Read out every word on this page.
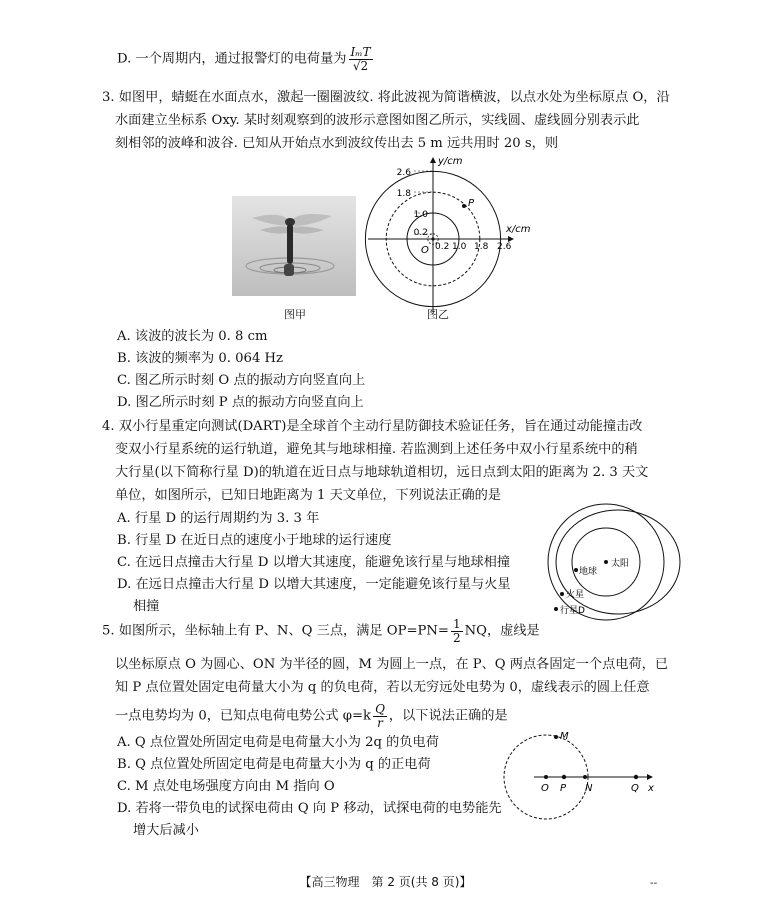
D. 一个周期内，通过报警灯的电荷量为 $\frac{\text{IₘT}}{√2}$
3. 如图甲，蜻蜓在水面点水，激起一圈圈波纹. 将此波视为简谐横波，以点水处为坐标原点 O，沿
水面建立坐标系 Oxy. 某时刻观察到的波形示意图如图乙所示，实线圆、虚线圆分别表示此
刻相邻的波峰和波谷. 已知从开始点水到波纹传出去 5 m 远共用时 20 s，则
图甲
2.6
1.8
1.0
0.2
0.2 1.0 1.8 2.6
y/cm
x/cm
O
P
图乙
A. 该波的波长为 0. 8 cm
B. 该波的频率为 0. 064 Hz
C. 图乙所示时刻 O 点的振动方向竖直向上
D. 图乙所示时刻 P 点的振动方向竖直向上
4. 双小行星重定向测试(DART)是全球首个主动行星防御技术验证任务，旨在通过动能撞击改
变双小行星系统的运行轨道，避免其与地球相撞. 若监测到上述任务中双小行星系统中的稍
大行星(以下简称行星 D)的轨道在近日点与地球轨道相切，远日点到太阳的距离为 2. 3 天文
单位，如图所示，已知日地距离为 1 天文单位，下列说法正确的是
A. 行星 D 的运行周期约为 3. 3 年
B. 行星 D 在近日点的速度小于地球的运行速度
C. 在远日点撞击大行星 D 以增大其速度，能避免该行星与地球相撞
D. 在远日点撞击大行星 D 以增大其速度，一定能避免该行星与火星
相撞
太阳
地球
火星
行星D
5. 如图所示，坐标轴上有 P、N、Q 三点，满足 $OP=PN= \frac{1}{2}$ NQ，虚线是
以坐标原点 O 为圆心、ON 为半径的圆，M 为圆上一点，在 P、Q 两点各固定一个点电荷，已
知 P 点位置处固定电荷量大小为 q 的负电荷，若以无穷远处电势为 0，虚线表示的圆上任意
一点电势均为 0，已知点电荷电势公式 $\varphi=k \frac{Q}{r}$ ，以下说法正确的是
A. Q 点位置处所固定电荷是电荷量大小为 2q 的负电荷
B. Q 点位置处所固定电荷是电荷量大小为 q 的正电荷
C. M 点处电场强度方向由 M 指向 O
D. 若将一带负电的试探电荷由 Q 向 P 移动，试探电荷的电势能先
增大后减小
M
O P N	Q x
【高三物理　第 2 页(共 8 页)】	--
